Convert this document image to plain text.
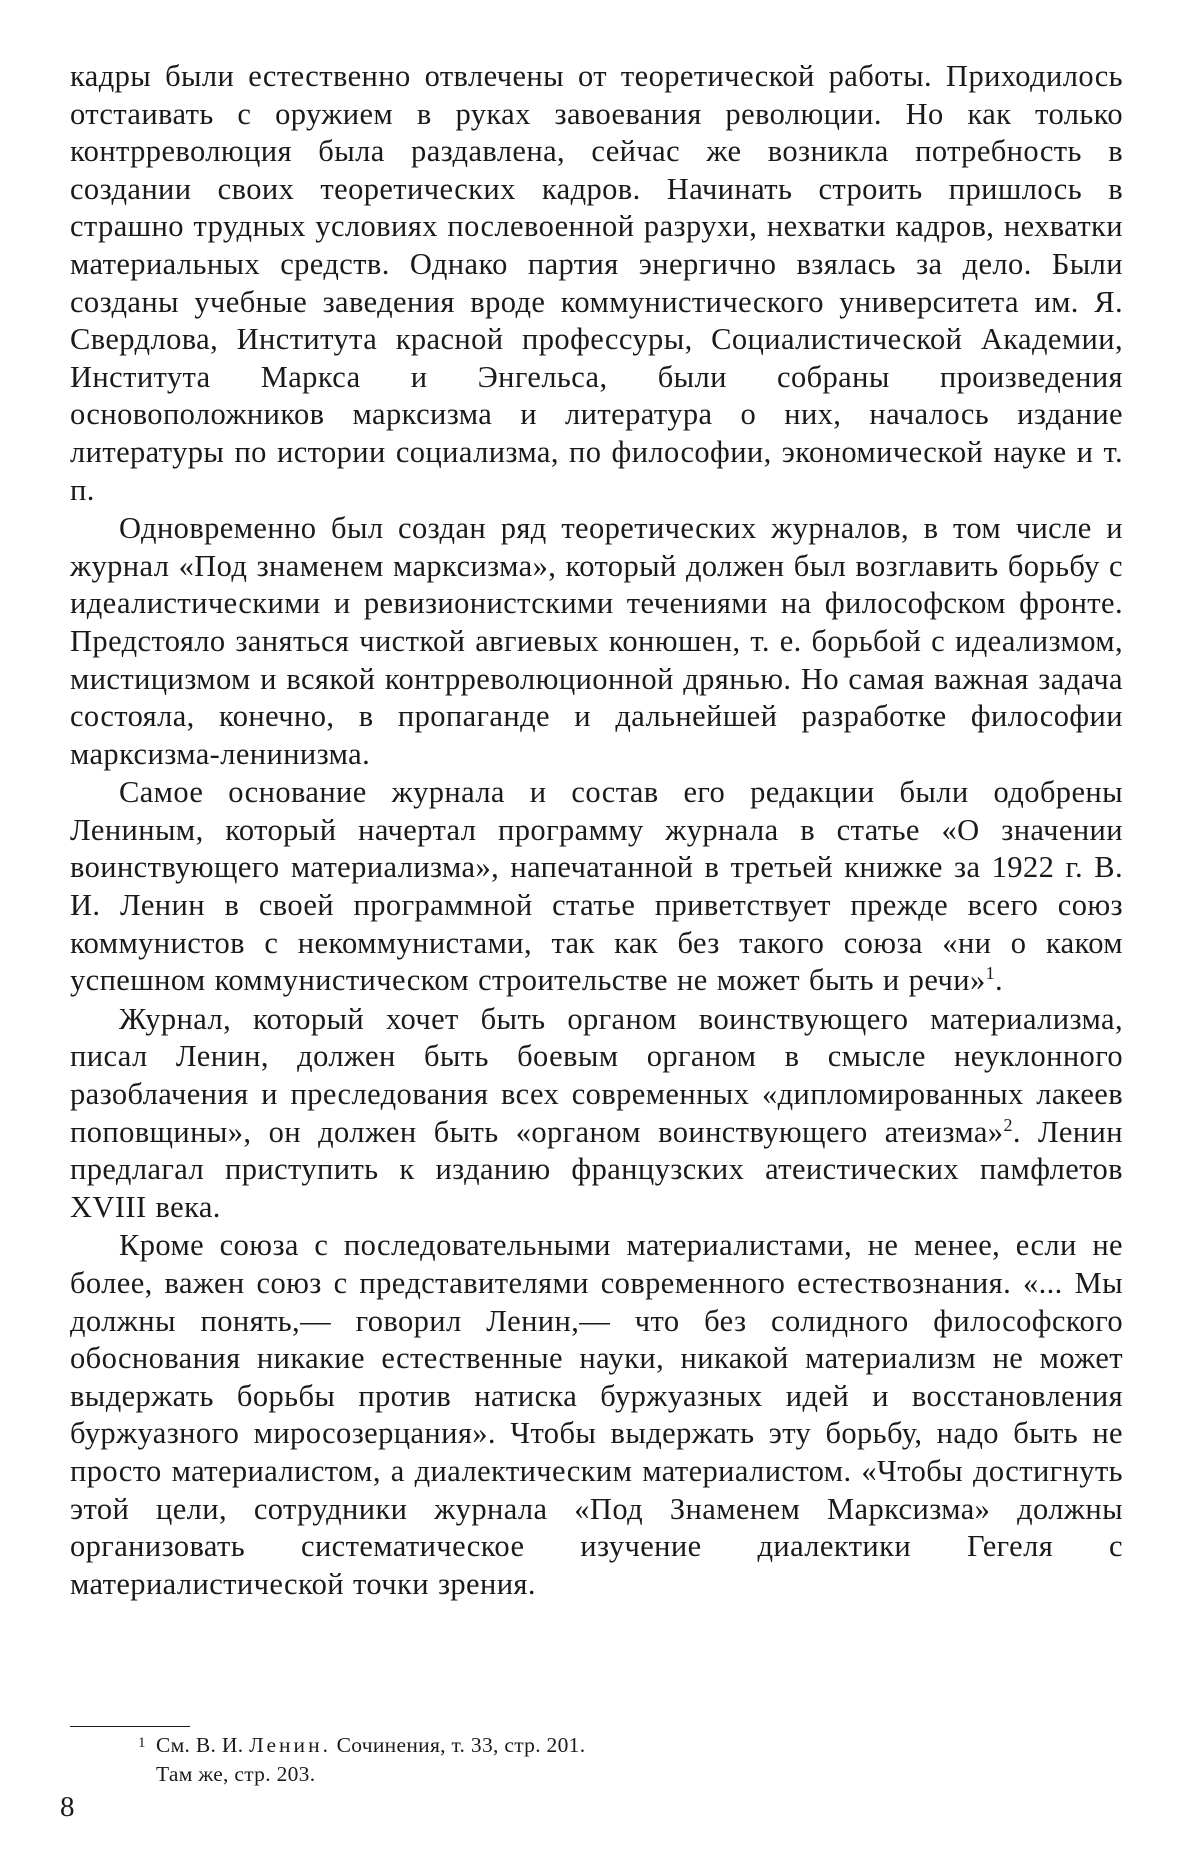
кадры были естественно отвлечены от теоретической работы. Приходилось отстаивать с оружием в руках завоевания революции. Но как только контрреволюция была раздавлена, сейчас же возникла потребность в создании своих теоретических кадров. Начинать строить пришлось в страшно трудных условиях послевоенной разрухи, нехватки кадров, нехватки материальных средств. Однако партия энергично взялась за дело. Были созданы учебные заведения вроде коммунистического университета им. Я. Свердлова, Института красной профессуры, Социалистической Академии, Института Маркса и Энгельса, были собраны произведения основоположников марксизма и литература о них, началось издание литературы по истории социализма, по философии, экономической науке и т. п.

Одновременно был создан ряд теоретических журналов, в том числе и журнал «Под знаменем марксизма», который должен был возглавить борьбу с идеалистическими и ревизионистскими течениями на философском фронте. Предстояло заняться чисткой авгиевых конюшен, т. е. борьбой с идеализмом, мистицизмом и всякой контрреволюционной дрянью. Но самая важная задача состояла, конечно, в пропаганде и дальнейшей разработке философии марксизма-ленинизма.

Самое основание журнала и состав его редакции были одобрены Лениным, который начертал программу журнала в статье «О значении воинствующего материализма», напечатанной в третьей книжке за 1922 г. В. И. Ленин в своей программной статье приветствует прежде всего союз коммунистов с некоммунистами, так как без такого союза «ни о каком успешном коммунистическом строительстве не может быть и речи»$^1$.

Журнал, который хочет быть органом воинствующего материализма, писал Ленин, должен быть боевым органом в смысле неуклонного разоблачения и преследования всех современных «дипломированных лакеев поповщины», он должен быть «органом воинствующего атеизма»$^2$. Ленин предлагал приступить к изданию французских атеистических памфлетов XVIII века.

Кроме союза с последовательными материалистами, не менее, если не более, важен союз с представителями современного естествознания. «... Мы должны понять,— говорил Ленин,— что без солидного философского обоснования никакие естественные науки, никакой материализм не может выдержать борьбы против натиска буржуазных идей и восстановления буржуазного миросозерцания». Чтобы выдержать эту борьбу, надо быть не просто материалистом, а диалектическим материалистом. «Чтобы достигнуть этой цели, сотрудники журнала «Под Знаменем Марксизма» должны организовать систематическое изучение диалектики Гегеля с материалистической точки зрения.

1 См. В. И. Ленин. Сочинения, т. 33, стр. 201.

Там же, стр. 203.

8
